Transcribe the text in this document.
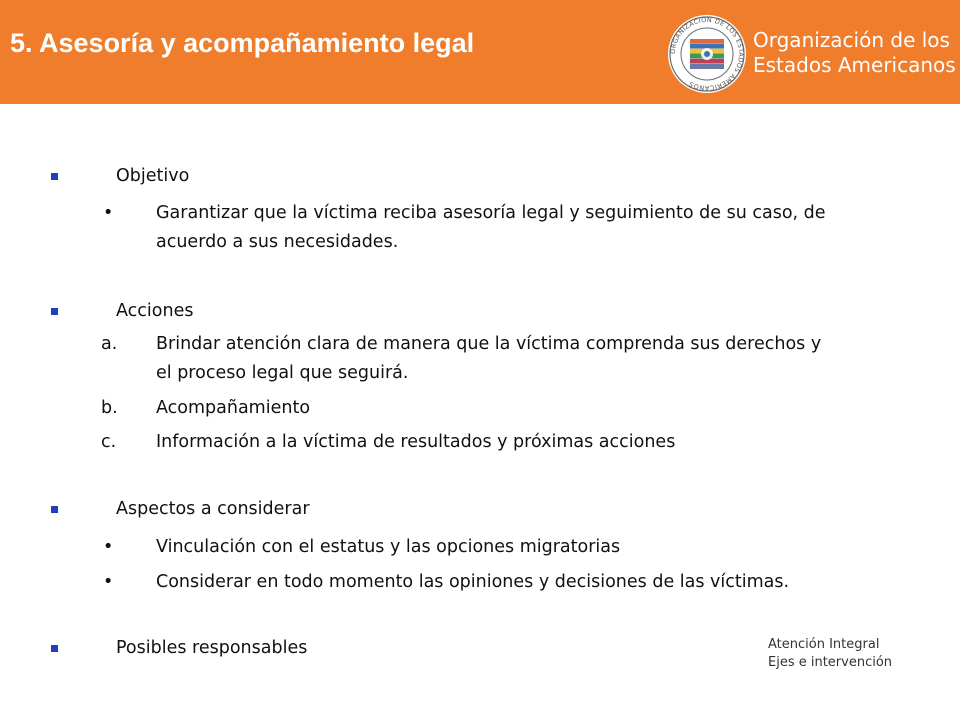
5. Asesoría y acompañamiento legal	ORGANIZACION DE LOS ESTADOS AMERICANOS
Organización de los
Estados Americanos
Objetivo
• Garantizar que la víctima reciba asesoría legal y seguimiento de su caso, de
acuerdo a sus necesidades.
Acciones
a. Brindar atención clara de manera que la víctima comprenda sus derechos y
el proceso legal que seguirá.
b. Acompañamiento
c. Información a la víctima de resultados y próximas acciones
Aspectos a considerar
• Vinculación con el estatus y las opciones migratorias
• Considerar en todo momento las opiniones y decisiones de las víctimas.
Posibles responsables	Atención Integral
Ejes e intervención
